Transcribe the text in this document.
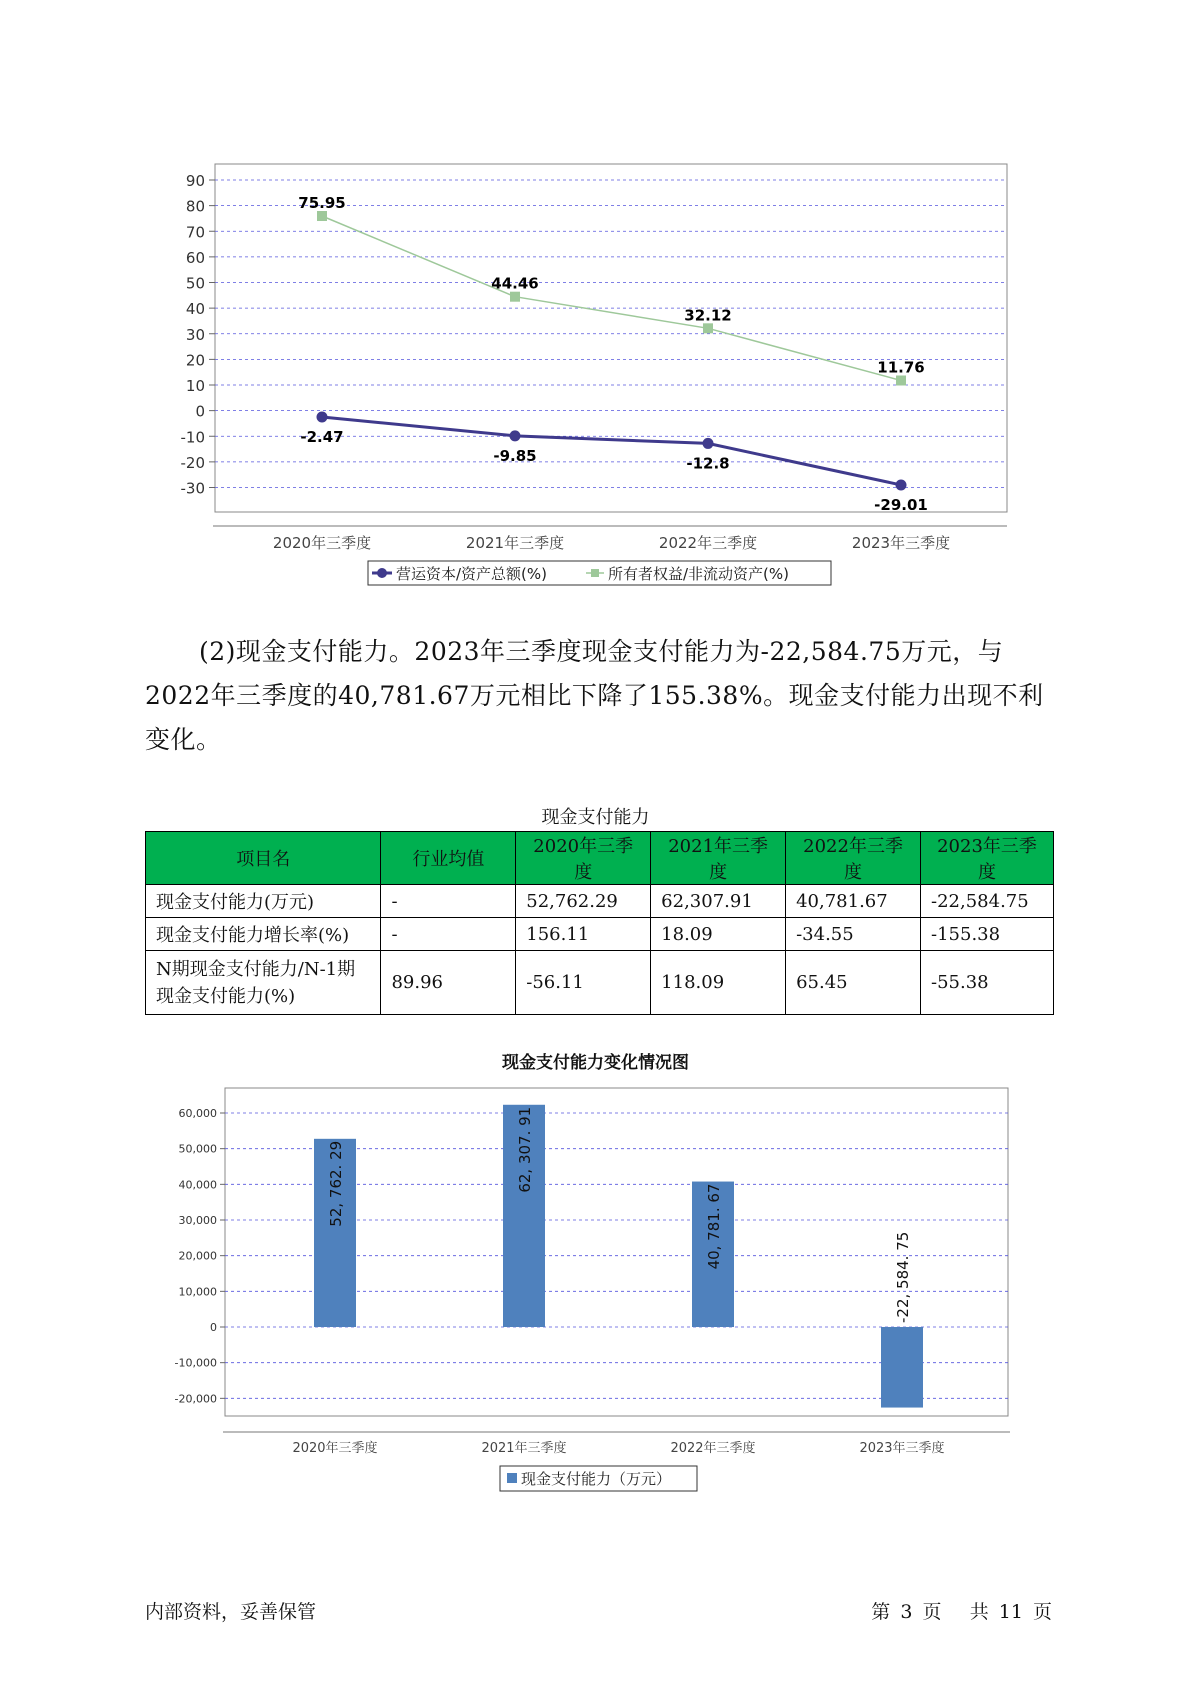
90
80
70
60
50
40
30
20
10
0
-10
-20
-30
2020年三季度	2021年三季度	2022年三季度	2023年三季度
-2.47
-9.85	-12.8
-29.01
75.95
44.46
32.12
11.76
营运资本/资产总额(%)	所有者权益/非流动资产(%)

(2)现金支付能力。2023年三季度现金支付能力为-22,584.75万元，与2022年三季度的40,781.67万元相比下降了155.38%。现金支付能力出现不利变化。

现金支付能力
项目名	行业均值	2020年三季度	2021年三季度	2022年三季度	2023年三季度
现金支付能力(万元)	-	52,762.29	62,307.91	40,781.67	-22,584.75
现金支付能力增长率(%)	-	156.11	18.09	-34.55	-155.38
N期现金支付能力/N-1期现金支付能力(%)	89.96	-56.11	118.09	65.45	-55.38
现金支付能力变化情况图
60,000
50,000
40,000
30,000
20,000
10,000
0
-10,000
-20,000
2020年三季度	2021年三季度	2022年三季度	2023年三季度
52, 762. 29	62, 307. 91
40, 781. 67
-22, 584. 75
现金支付能力（万元）
内部资料，妥善保管	第 3 页 共 11 页
